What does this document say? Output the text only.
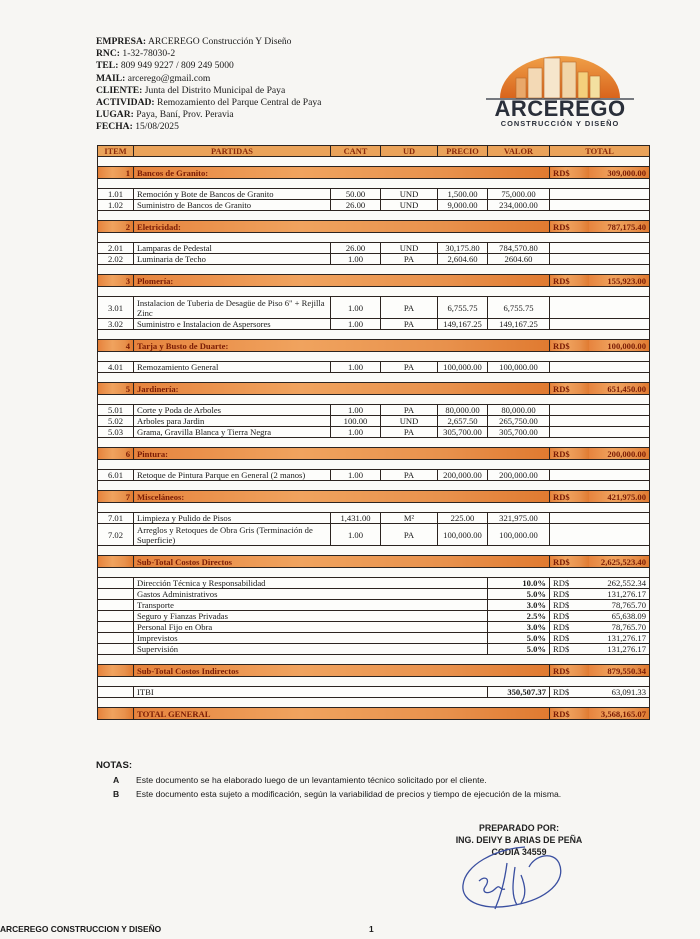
EMPRESA: ARCEREGO Construcción Y Diseño
RNC: 1-32-78030-2
TEL: 809 949 9227 / 809 249 5000
MAIL: arcerego@gmail.com
CLIENTE: Junta del Distrito Municipal de Paya
ACTIVIDAD: Remozamiento del Parque Central de Paya
LUGAR: Paya, Baní, Prov. Peravia
FECHA: 15/08/2025
ARCEREGO
CONSTRUCCIÓN Y DISEÑO
ITEM	PARTIDAS	CANT	UD	PRECIO	VALOR	TOTAL	

1	Bancos de Granito:					RD$	309,000.00

1.01	Remoción y Bote de Bancos de Granito	50.00	UND	1,500.00	75,000.00		
1.02	Suministro de Bancos de Granito	26.00	UND	9,000.00	234,000.00		

2	Eletricidad:					RD$	787,175.40

2.01	Lamparas de Pedestal	26.00	UND	30,175.80	784,570.80		
2.02	Luminaria de Techo	1.00	PA	2,604.60	2604.60		

3	Plomería:					RD$	155,923.00

3.01	Instalacion de Tuberia de Desagüe de Piso 6" + Rejilla Zinc	1.00	PA	6,755.75	6,755.75		
3.02	Suministro e Instalacion de Aspersores	1.00	PA	149,167.25	149,167.25		

4	Tarja y Busto de Duarte:					RD$	100,000.00

4.01	Remozamiento General	1.00	PA	100,000.00	100,000.00		

5	Jardinería:					RD$	651,450.00

5.01	Corte y Poda de Arboles	1.00	PA	80,000.00	80,000.00		
5.02	Arboles para Jardin	100.00	UND	2,657.50	265,750.00		
5.03	Grama, Gravilla Blanca y Tierra Negra	1.00	PA	305,700.00	305,700.00		

6	Pintura:					RD$	200,000.00

6.01	Retoque de Pintura Parque en General (2 manos)	1.00	PA	200,000.00	200,000.00		

7	Misceláneos:					RD$	421,975.00

7.01	Limpieza y Pulido de Pisos	1,431.00	M²	225.00	321,975.00		
7.02	Arreglos y Retoques de Obra Gris (Terminación de Superficie)	1.00	PA	100,000.00	100,000.00		

	Sub-Total Costos Directos					RD$	2,625,523.40

	Dirección Técnica y Responsabilidad				10.0%	RD$	262,552.34
	Gastos Administrativos				5.0%	RD$	131,276.17
	Transporte				3.0%	RD$	78,765.70
	Seguro y Fianzas Privadas				2.5%	RD$	65,638.09
	Personal Fijo en Obra				3.0%	RD$	78,765.70
	Imprevistos				5.0%	RD$	131,276.17
	Supervisión				5.0%	RD$	131,276.17

	Sub-Total Costos Indirectos					RD$	879,550.34

	ITBI				350,507.37	RD$	63,091.33

	TOTAL GENERAL					RD$	3,568,165.07
NOTAS:
A	Este documento se ha elaborado luego de un levantamiento técnico solicitado por el cliente.
B	Este documento esta sujeto a modificación, según la variabilidad de precios y tiempo de ejecución de la misma.
PREPARADO POR:
ING. DEIVY B ARIAS DE PEÑA
CODIA 34559
ARCEREGO CONSTRUCCION Y DISEÑO	1
